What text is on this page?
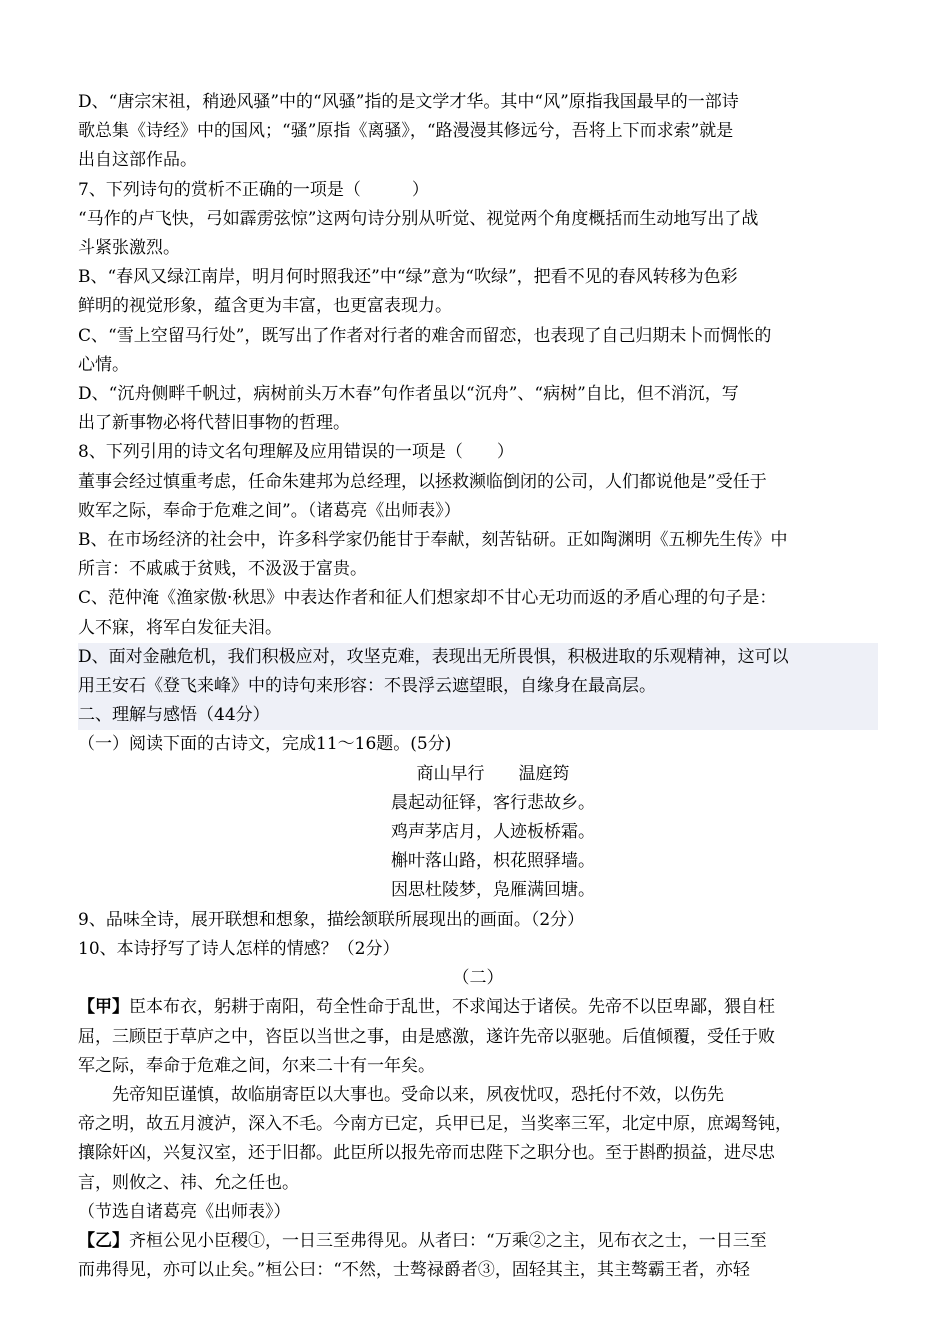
D、“唐宗宋祖，稍逊风骚”中的“风骚”指的是文学才华。其中“风”原指我国最早的一部诗

歌总集《诗经》中的国风；“骚”原指《离骚》，“路漫漫其修远兮，吾将上下而求索”就是

出自这部作品。

7、下列诗句的赏析不正确的一项是（　　　）

“马作的卢飞快，弓如霹雳弦惊”这两句诗分别从听觉、视觉两个角度概括而生动地写出了战

斗紧张激烈。

B、“春风又绿江南岸，明月何时照我还”中“绿”意为“吹绿”，把看不见的春风转移为色彩

鲜明的视觉形象，蕴含更为丰富，也更富表现力。

C、“雪上空留马行处”，既写出了作者对行者的难舍而留恋，也表现了自己归期未卜而惆怅的

心情。

D、“沉舟侧畔千帆过，病树前头万木春”句作者虽以“沉舟”、“病树”自比，但不消沉，写

出了新事物必将代替旧事物的哲理。

8、下列引用的诗文名句理解及应用错误的一项是（　　）

董事会经过慎重考虑，任命朱建邦为总经理，以拯救濒临倒闭的公司，人们都说他是”受任于

败军之际，奉命于危难之间”。（诸葛亮《出师表》）

B、在市场经济的社会中，许多科学家仍能甘于奉献，刻苦钻研。正如陶渊明《五柳先生传》中

所言：不戚戚于贫贱，不汲汲于富贵。

C、范仲淹《渔家傲·秋思》中表达作者和征人们想家却不甘心无功而返的矛盾心理的句子是：

人不寐，将军白发征夫泪。

D、面对金融危机，我们积极应对，攻坚克难，表现出无所畏惧，积极进取的乐观精神，这可以

用王安石《登飞来峰》中的诗句来形容：不畏浮云遮望眼，自缘身在最高层。

二、理解与感悟（44分）

（一）阅读下面的古诗文，完成11～16题。(5分)

商山早行 温庭筠

晨起动征铎，客行悲故乡。

鸡声茅店月，人迹板桥霜。

槲叶落山路，枳花照驿墙。

因思杜陵梦，凫雁满回塘。

9、品味全诗，展开联想和想象，描绘颔联所展现出的画面。（2分）

10、本诗抒写了诗人怎样的情感？（2分）

（二）

【甲】臣本布衣，躬耕于南阳，苟全性命于乱世，不求闻达于诸侯。先帝不以臣卑鄙，猥自枉

屈，三顾臣于草庐之中，咨臣以当世之事，由是感激，遂许先帝以驱驰。后值倾覆，受任于败

军之际，奉命于危难之间，尔来二十有一年矣。

先帝知臣谨慎，故临崩寄臣以大事也。受命以来，夙夜忧叹，恐托付不效，以伤先

帝之明，故五月渡泸，深入不毛。今南方已定，兵甲已足，当奖率三军，北定中原，庶竭驽钝，

攘除奸凶，兴复汉室，还于旧都。此臣所以报先帝而忠陛下之职分也。至于斟酌损益，进尽忠

言，则攸之、祎、允之任也。

（节选自诸葛亮《出师表》）

【乙】齐桓公见小臣稷①，一日三至弗得见。从者曰：“万乘②之主，见布衣之士，一日三至

而弗得见，亦可以止矣。”桓公曰：“不然，士骜禄爵者③，固轻其主，其主骜霸王者，亦轻
